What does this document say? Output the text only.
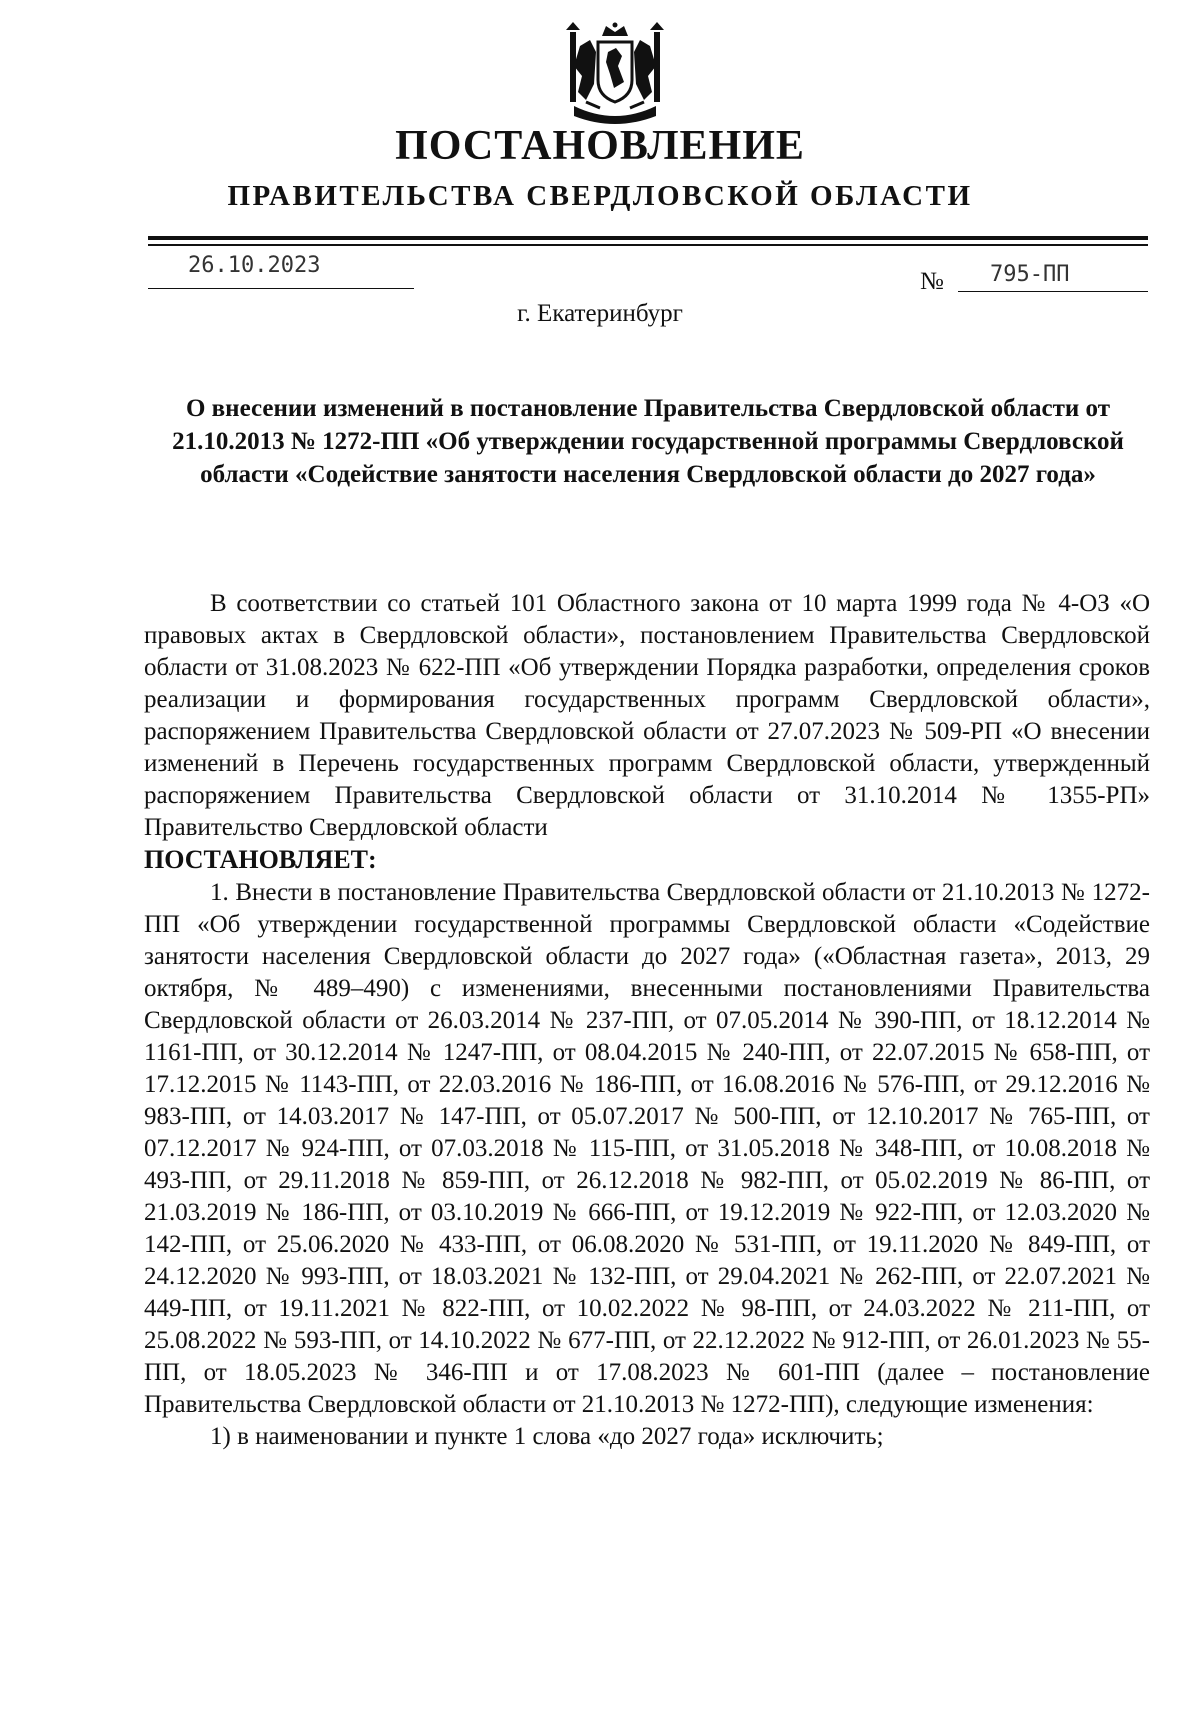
ПОСТАНОВЛЕНИЕ
ПРАВИТЕЛЬСТВА СВЕРДЛОВСКОЙ ОБЛАСТИ
26.10.2023
№ 795-ПП
г. Екатеринбург
О внесении изменений в постановление Правительства Свердловской области от 21.10.2013 № 1272-ПП «Об утверждении государственной программы Свердловской области «Содействие занятости населения Свердловской области до 2027 года»

В соответствии со статьей 101 Областного закона от 10 марта 1999 года № 4-ОЗ «О правовых актах в Свердловской области», постановлением Правительства Свердловской области от 31.08.2023 № 622-ПП «Об утверждении Порядка разработки, определения сроков реализации и формирования государственных программ Свердловской области», распоряжением Правительства Свердловской области от 27.07.2023 № 509-РП «О внесении изменений в Перечень государственных программ Свердловской области, утвержденный распоряжением Правительства Свердловской области от 31.10.2014 № 1355-РП» Правительство Свердловской области

ПОСТАНОВЛЯЕТ:

1. Внести в постановление Правительства Свердловской области от 21.10.2013 № 1272-ПП «Об утверждении государственной программы Свердловской области «Содействие занятости населения Свердловской области до 2027 года» («Областная газета», 2013, 29 октября, № 489–490) с изменениями, внесенными постановлениями Правительства Свердловской области от 26.03.2014 № 237-ПП, от 07.05.2014 № 390-ПП, от 18.12.2014 № 1161-ПП, от 30.12.2014 № 1247-ПП, от 08.04.2015 № 240-ПП, от 22.07.2015 № 658-ПП, от 17.12.2015 № 1143-ПП, от 22.03.2016 № 186-ПП, от 16.08.2016 № 576-ПП, от 29.12.2016 № 983-ПП, от 14.03.2017 № 147-ПП, от 05.07.2017 № 500-ПП, от 12.10.2017 № 765-ПП, от 07.12.2017 № 924-ПП, от 07.03.2018 № 115-ПП, от 31.05.2018 № 348-ПП, от 10.08.2018 № 493-ПП, от 29.11.2018 № 859-ПП, от 26.12.2018 № 982-ПП, от 05.02.2019 № 86-ПП, от 21.03.2019 № 186-ПП, от 03.10.2019 № 666-ПП, от 19.12.2019 № 922-ПП, от 12.03.2020 № 142-ПП, от 25.06.2020 № 433-ПП, от 06.08.2020 № 531-ПП, от 19.11.2020 № 849-ПП, от 24.12.2020 № 993-ПП, от 18.03.2021 № 132-ПП, от 29.04.2021 № 262-ПП, от 22.07.2021 № 449-ПП, от 19.11.2021 № 822-ПП, от 10.02.2022 № 98-ПП, от 24.03.2022 № 211-ПП, от 25.08.2022 № 593-ПП, от 14.10.2022 № 677-ПП, от 22.12.2022 № 912-ПП, от 26.01.2023 № 55-ПП, от 18.05.2023 № 346-ПП и от 17.08.2023 № 601-ПП (далее – постановление Правительства Свердловской области от 21.10.2013 № 1272-ПП), следующие изменения:

1) в наименовании и пункте 1 слова «до 2027 года» исключить;
